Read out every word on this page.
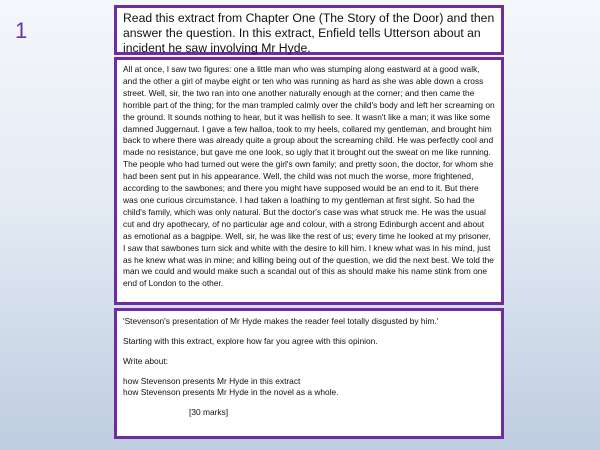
1	Read this extract from Chapter One (The Story of the Door) and then answer the question. In this extract, Enfield tells Utterson about an incident he saw involving Mr Hyde.

All at once, I saw two figures: one a little man who was stumping along eastward at a good walk, and the other a girl of maybe eight or ten who was running as hard as she was able down a cross street. Well, sir, the two ran into one another naturally enough at the corner; and then came the horrible part of the thing; for the man trampled calmly over the child's body and left her screaming on the ground. It sounds nothing to hear, but it was hellish to see. It wasn't like a man; it was like some damned Juggernaut. I gave a few halloa, took to my heels, collared my gentleman, and brought him back to where there was already quite a group about the screaming child. He was perfectly cool and made no resistance, but gave me one look, so ugly that it brought out the sweat on me like running. The people who had turned out were the girl's own family; and pretty soon, the doctor, for whom she had been sent put in his appearance. Well, the child was not much the worse, more frightened, according to the sawbones; and there you might have supposed would be an end to it. But there was one curious circumstance. I had taken a loathing to my gentleman at first sight. So had the child's family, which was only natural. But the doctor's case was what struck me. He was the usual cut and dry apothecary, of no particular age and colour, with a strong Edinburgh accent and about as emotional as a bagpipe. Well, sir, he was like the rest of us; every time he looked at my prisoner, I saw that sawbones turn sick and white with the desire to kill him. I knew what was in his mind, just as he knew what was in mine; and killing being out of the question, we did the next best. We told the man we could and would make such a scandal out of this as should make his name stink from one end of London to the other.

'Stevenson's presentation of Mr Hyde makes the reader feel totally disgusted by him.'

Starting with this extract, explore how far you agree with this opinion.

Write about:

how Stevenson presents Mr Hyde in this extract

how Stevenson presents Mr Hyde in the novel as a whole.

[30 marks]
